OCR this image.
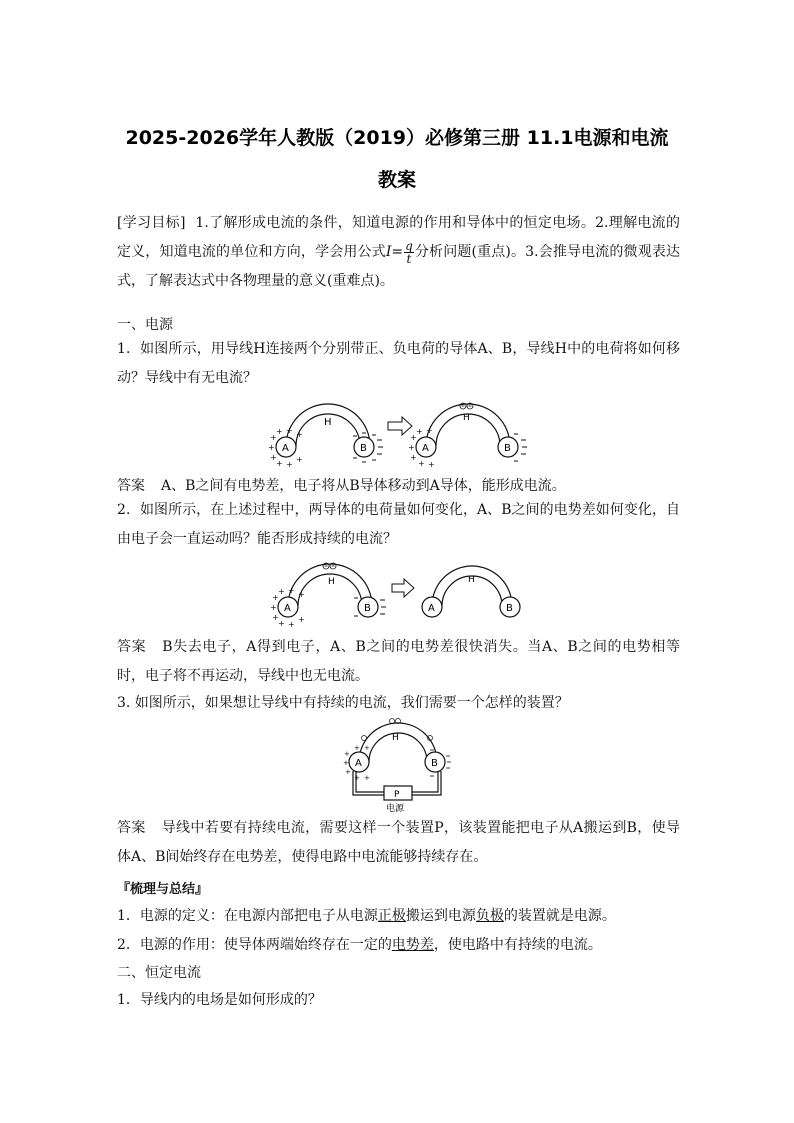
2025-2026学年人教版（2019）必修第三册 11.1电源和电流
教案
[学习目标] 1.了解形成电流的条件，知道电源的作用和导体中的恒定电场。2.理解电流的定义，知道电流的单位和方向，学会用公式$I= \frac{q}{t}$ 分析问题(重点)。3.会推导电流的微观表达式，了解表达式中各物理量的意义(重难点)。
一、电源
1．如图所示，用导线H连接两个分别带正、负电荷的导体A、B，导线H中的电荷将如何移动？导线中有无电流？
A	B
H
+
+
+
+ + +
+ +
+
A	B
H
+
+
+
+ +
+ +
答案 A、B之间有电势差，电子将从B导体移动到A导体，能形成电流。
2．如图所示，在上述过程中，两导体的电荷量如何变化，A、B之间的电势差如何变化，自由电子会一直运动吗？能否形成持续的电流？
A	B
H
+
+
+
+ + +
+ +
+
A	B
H
答案 B失去电子，A得到电子，A、B之间的电势差很快消失。当A、B之间的电势相等时，电子将不再运动，导线中也无电流。
3. 如图所示，如果想让导线中有持续的电流，我们需要一个怎样的装置？
A	B
H
+
+
+
+ +
+ +
P
电源
答案 导线中若要有持续电流，需要这样一个装置P，该装置能把电子从A搬运到B，使导体A、B间始终存在电势差，使得电路中电流能够持续存在。
『梳理与总结』
1．电源的定义：在电源内部把电子从电源正极搬运到电源负极的装置就是电源。
2．电源的作用：使导体两端始终存在一定的电势差，使电路中有持续的电流。
二、恒定电流
1．导线内的电场是如何形成的？
